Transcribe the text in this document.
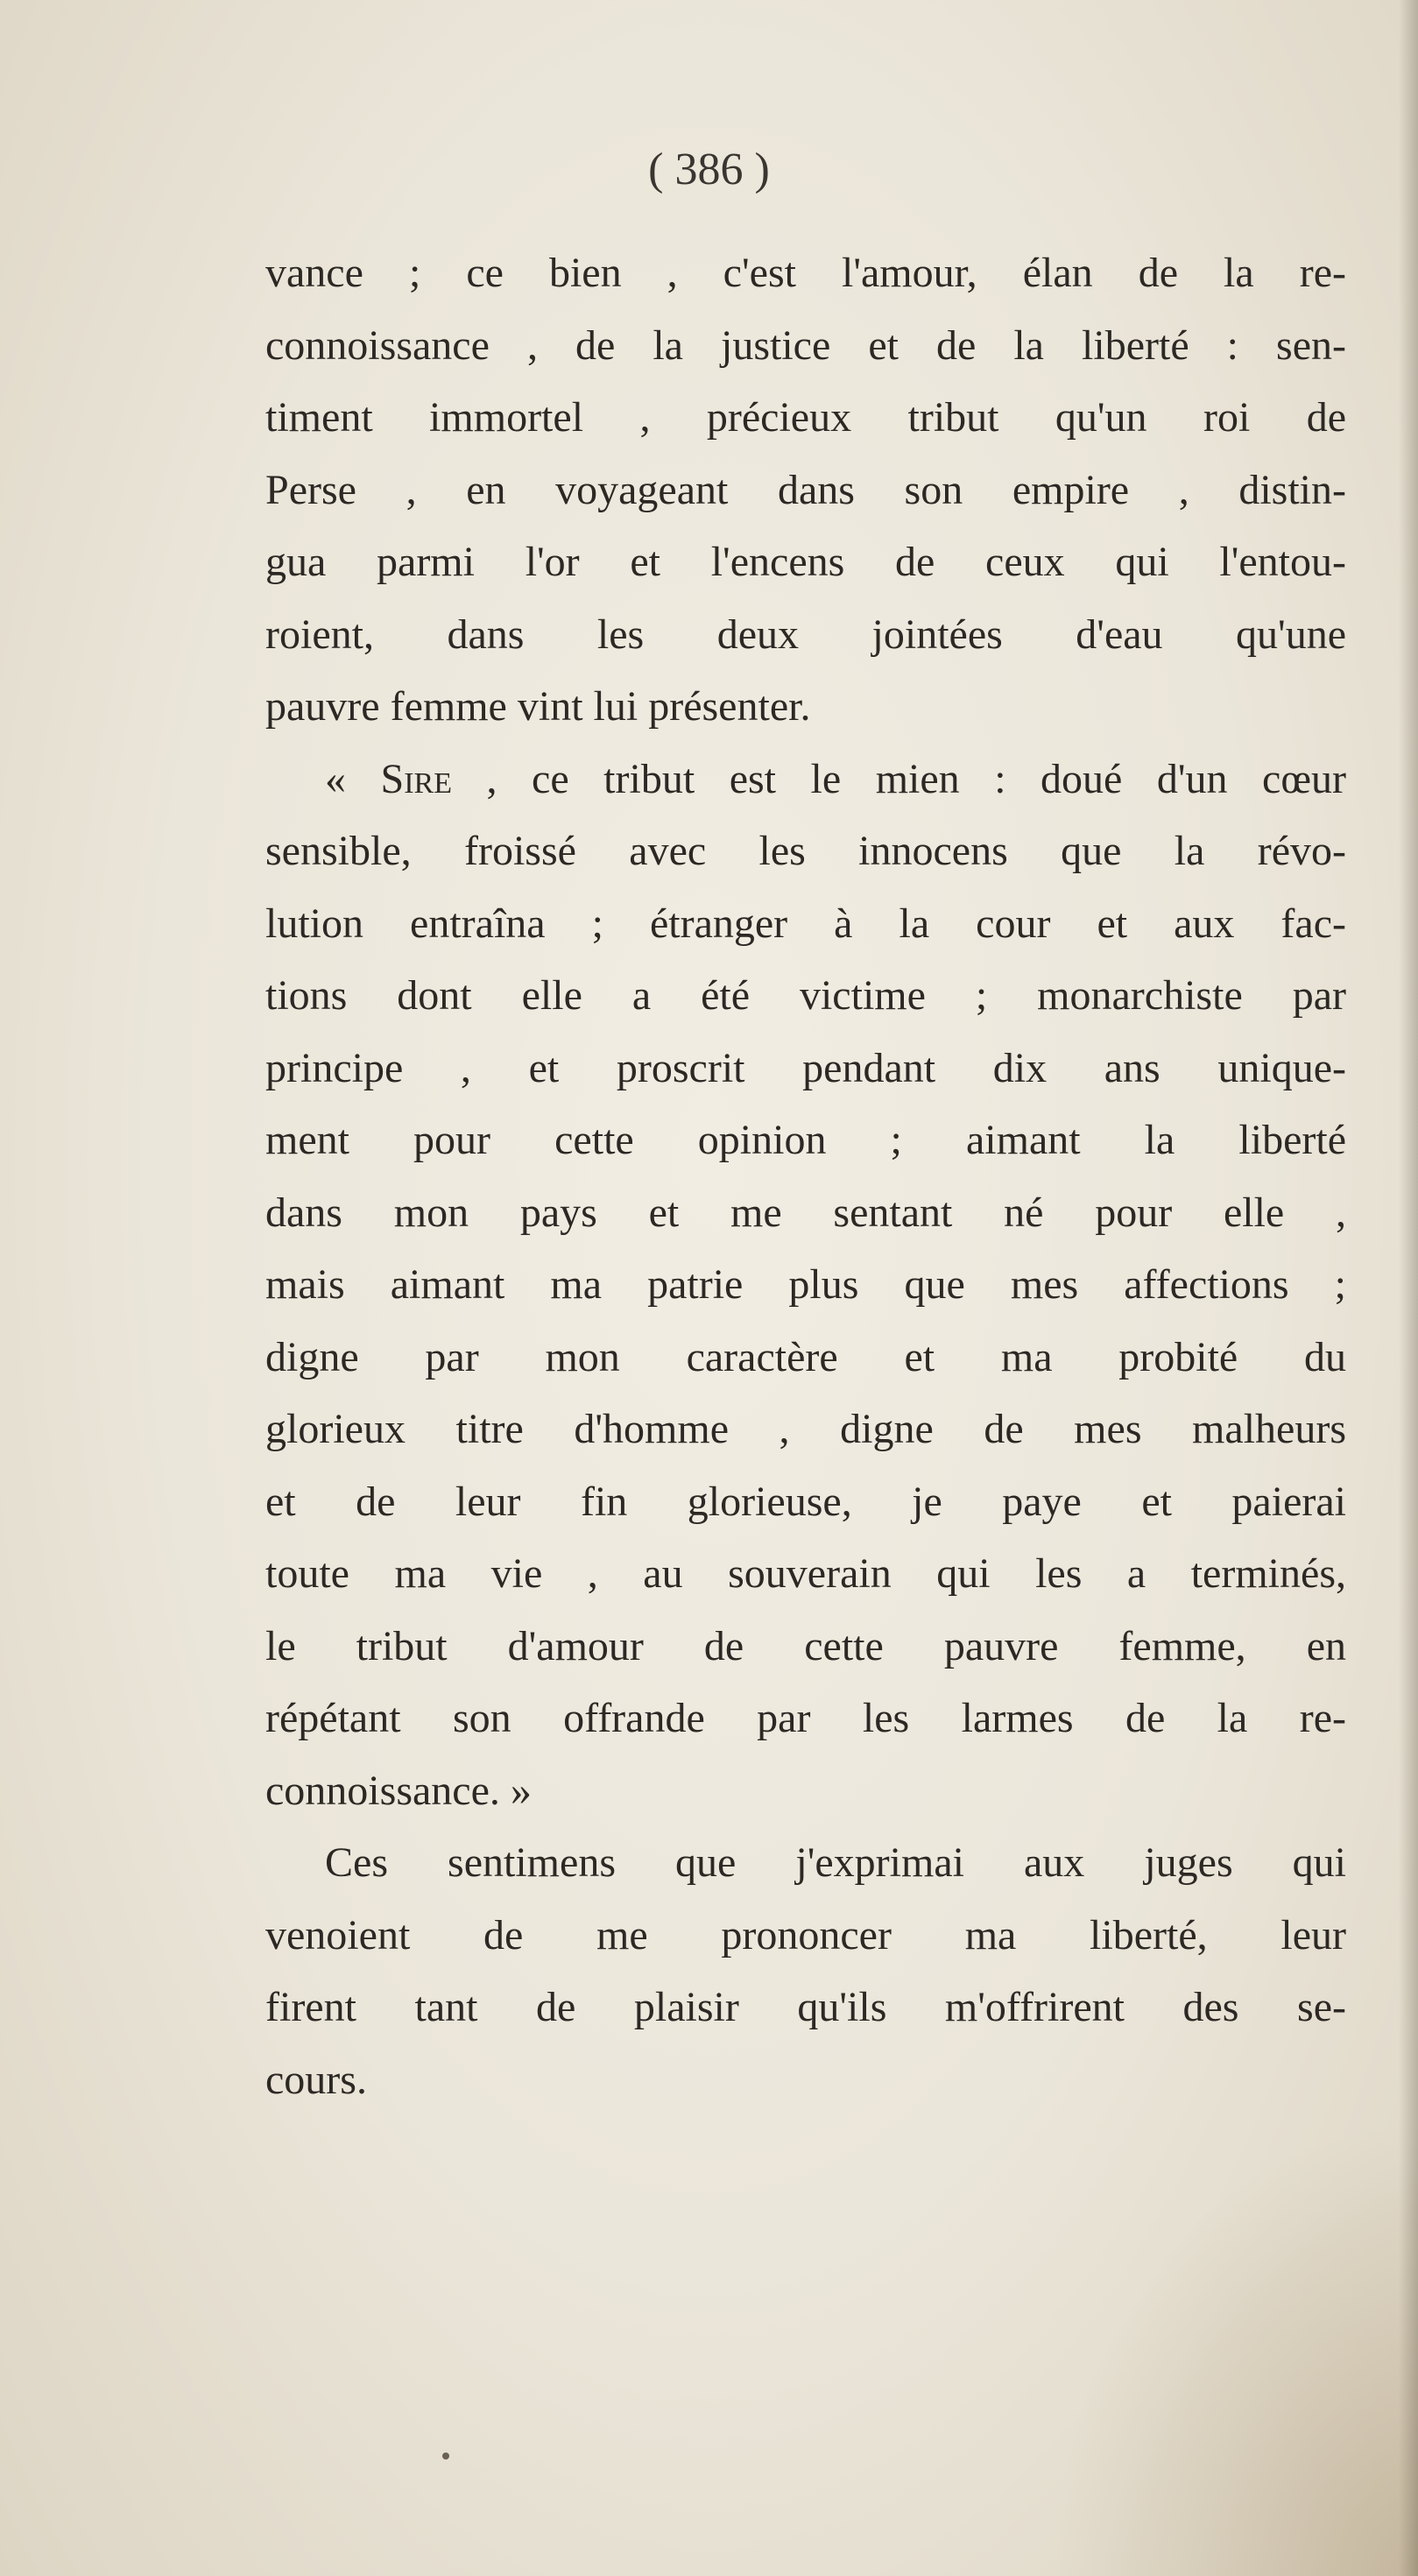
( 386 )
vance ; ce bien , c'est l'amour, élan de la re-
connoissance , de la justice et de la liberté : sen-
timent immortel , précieux tribut qu'un roi de
Perse , en voyageant dans son empire , distin-
gua parmi l'or et l'encens de ceux qui l'entou-
roient, dans les deux jointées d'eau qu'une
pauvre femme vint lui présenter.
« Sire , ce tribut est le mien : doué d'un cœur
sensible, froissé avec les innocens que la révo-
lution entraîna ; étranger à la cour et aux fac-
tions dont elle a été victime ; monarchiste par
principe , et proscrit pendant dix ans unique-
ment pour cette opinion ; aimant la liberté
dans mon pays et me sentant né pour elle ,
mais aimant ma patrie plus que mes affections ;
digne par mon caractère et ma probité du
glorieux titre d'homme , digne de mes malheurs
et de leur fin glorieuse, je paye et paierai
toute ma vie , au souverain qui les a terminés,
le tribut d'amour de cette pauvre femme, en
répétant son offrande par les larmes de la re-
connoissance. »
Ces sentimens que j'exprimai aux juges qui
venoient de me prononcer ma liberté, leur
firent tant de plaisir qu'ils m'offrirent des se-
cours.
